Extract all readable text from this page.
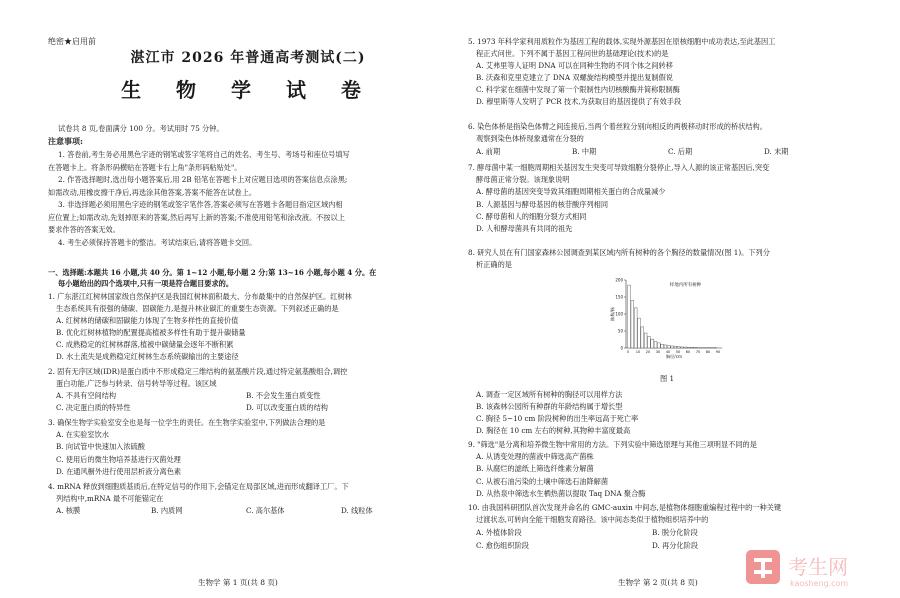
绝密★启用前
湛江市 2026 年普通高考测试(二)
生 物 学 试 卷
试卷共 8 页,卷面满分 100 分。考试用时 75 分钟。
注意事项:
1. 答卷前,考生务必用黑色字迹的钢笔或签字笔将自己的姓名、考生号、考场号和座位号填写
在答题卡上。将条形码横贴在答题卡右上角"条形码粘贴处"。
2. 作答选择题时,选出每小题答案后,用 2B 铅笔在答题卡上对应题目选项的答案信息点涂黑;
如需改动,用橡皮擦干净后,再选涂其他答案,答案不能答在试卷上。
3. 非选择题必须用黑色字迹的钢笔或签字笔作答,答案必须写在答题卡各题目指定区域内相
应位置上;如需改动,先划掉原来的答案,然后再写上新的答案;不准使用铅笔和涂改液。不按以上
要求作答的答案无效。
4. 考生必须保持答题卡的整洁。考试结束后,请将答题卡交回。
一、选择题:本题共 16 小题,共 40 分。第 1~12 小题,每小题 2 分;第 13~16 小题,每小题 4 分。在
每小题给出的四个选项中,只有一项是符合题目要求的。
1. 广东湛江红树林国家级自然保护区是我国红树林面积最大、分布最集中的自然保护区。红树林
生态系统具有很强的储碳、固碳能力,是提升林业碳汇的重要生态资源。下列叙述正确的是
A. 红树林的储碳和固碳能力体现了生物多样性的直接价值
B. 优化红树林植物的配置提高植被多样性有助于提升碳储量
C. 成熟稳定的红树林群落,植被中碳储量会逐年不断积累
D. 水土流失是成熟稳定红树林生态系统碳输出的主要途径
2. 固有无序区域(IDR)是蛋白质中不形成稳定三维结构的氨基酸片段,通过特定氨基酸组合,调控
蛋白功能,广泛参与转录、信号转导等过程。该区域
A. 不具有空间结构	B. 不会发生蛋白质变性
C. 决定蛋白质的特异性	D. 可以改变蛋白质的结构
3. 确保生物学实验室安全也是每一位学生的责任。在生物学实验室中,下列做法合理的是
A. 在实验室饮水
B. 向试管中快速加入浓硫酸
C. 使用后的微生物培养基进行灭菌处理
D. 在通风橱外进行使用层析液分离色素
4. mRNA 释放到细胞质基质后,在特定信号的作用下,会锚定在局部区域,进而形成翻译工厂。下
列结构中,mRNA 最不可能锚定在
A. 核膜	B. 内质网	C. 高尔基体	D. 线粒体
生物学 第 1 页(共 8 页)
5. 1973 年科学家利用质粒作为基因工程的载体,实现外源基因在原核细胞中成功表达,至此基因工
程正式问世。下列不属于基因工程问世的基础理论(技术)的是
A. 艾弗里等人证明 DNA 可以在同种生物的不同个体之间转移
B. 沃森和克里克建立了 DNA 双螺旋结构模型并提出复制假说
C. 科学家在细菌中发现了第一个限制性内切核酸酶并简称限制酶
D. 穆里斯等人发明了 PCR 技术,为获取目的基因提供了有效手段
6. 染色体桥是指染色体臂之间连接后,当两个着丝粒分别向相反的两极移动时形成的桥状结构。
观察到染色体桥现象通常在分裂的
A. 前期	B. 中期	C. 后期	D. 末期
7. 酵母菌中某一细胞周期相关基因发生突变可导致细胞分裂停止,导入人源的该正常基因后,突变
酵母菌正常分裂。该现象说明
A. 酵母菌的基因突变导致其细胞周期相关蛋白的合成量减少
B. 人源基因与酵母基因的核苷酸序列相同
C. 酵母菌和人的细胞分裂方式相同
D. 人和酵母菌具有共同的祖先
8. 研究人员在有门国家森林公园调查到某区域内所有树种的各个胸径的数量情况(图 1)。下列分
析正确的是
0
50
100
150
200
5 10 20 30 40 50 60 70 80 90
胸径/cm
株数/株
样地内所有树种
图 1
A. 调查一定区域所有树种的胸径可以用样方法
B. 该森林公园所有种群的年龄结构属于增长型
C. 胸径 5~10 cm 阶段树种的出生率远高于死亡率
D. 胸径在 10 cm 左右的树种,其物种丰富度最高
9. "筛选"是分离和培养微生物中常用的方法。下列实验中筛选原理与其他三项明显不同的是
A. 从诱变处理的菌液中筛选高产菌株
B. 从腐烂的滤纸上筛选纤维素分解菌
C. 从被石油污染的土壤中筛选石油降解菌
D. 从热泉中筛选水生栖热菌以提取 Taq DNA 聚合酶
10. 由我国科研团队首次发现并命名的 GMC-auxin 中间态,是植物体细胞重编程过程中的一种关键
过渡状态,可转向全能干细胞发育路径。该中间态类似于植物组织培养中的
A. 外植体阶段	B. 脱分化阶段
C. 愈伤组织阶段	D. 再分化阶段
生物学 第 2 页(共 8 页)
考生网
kaosheng.com
